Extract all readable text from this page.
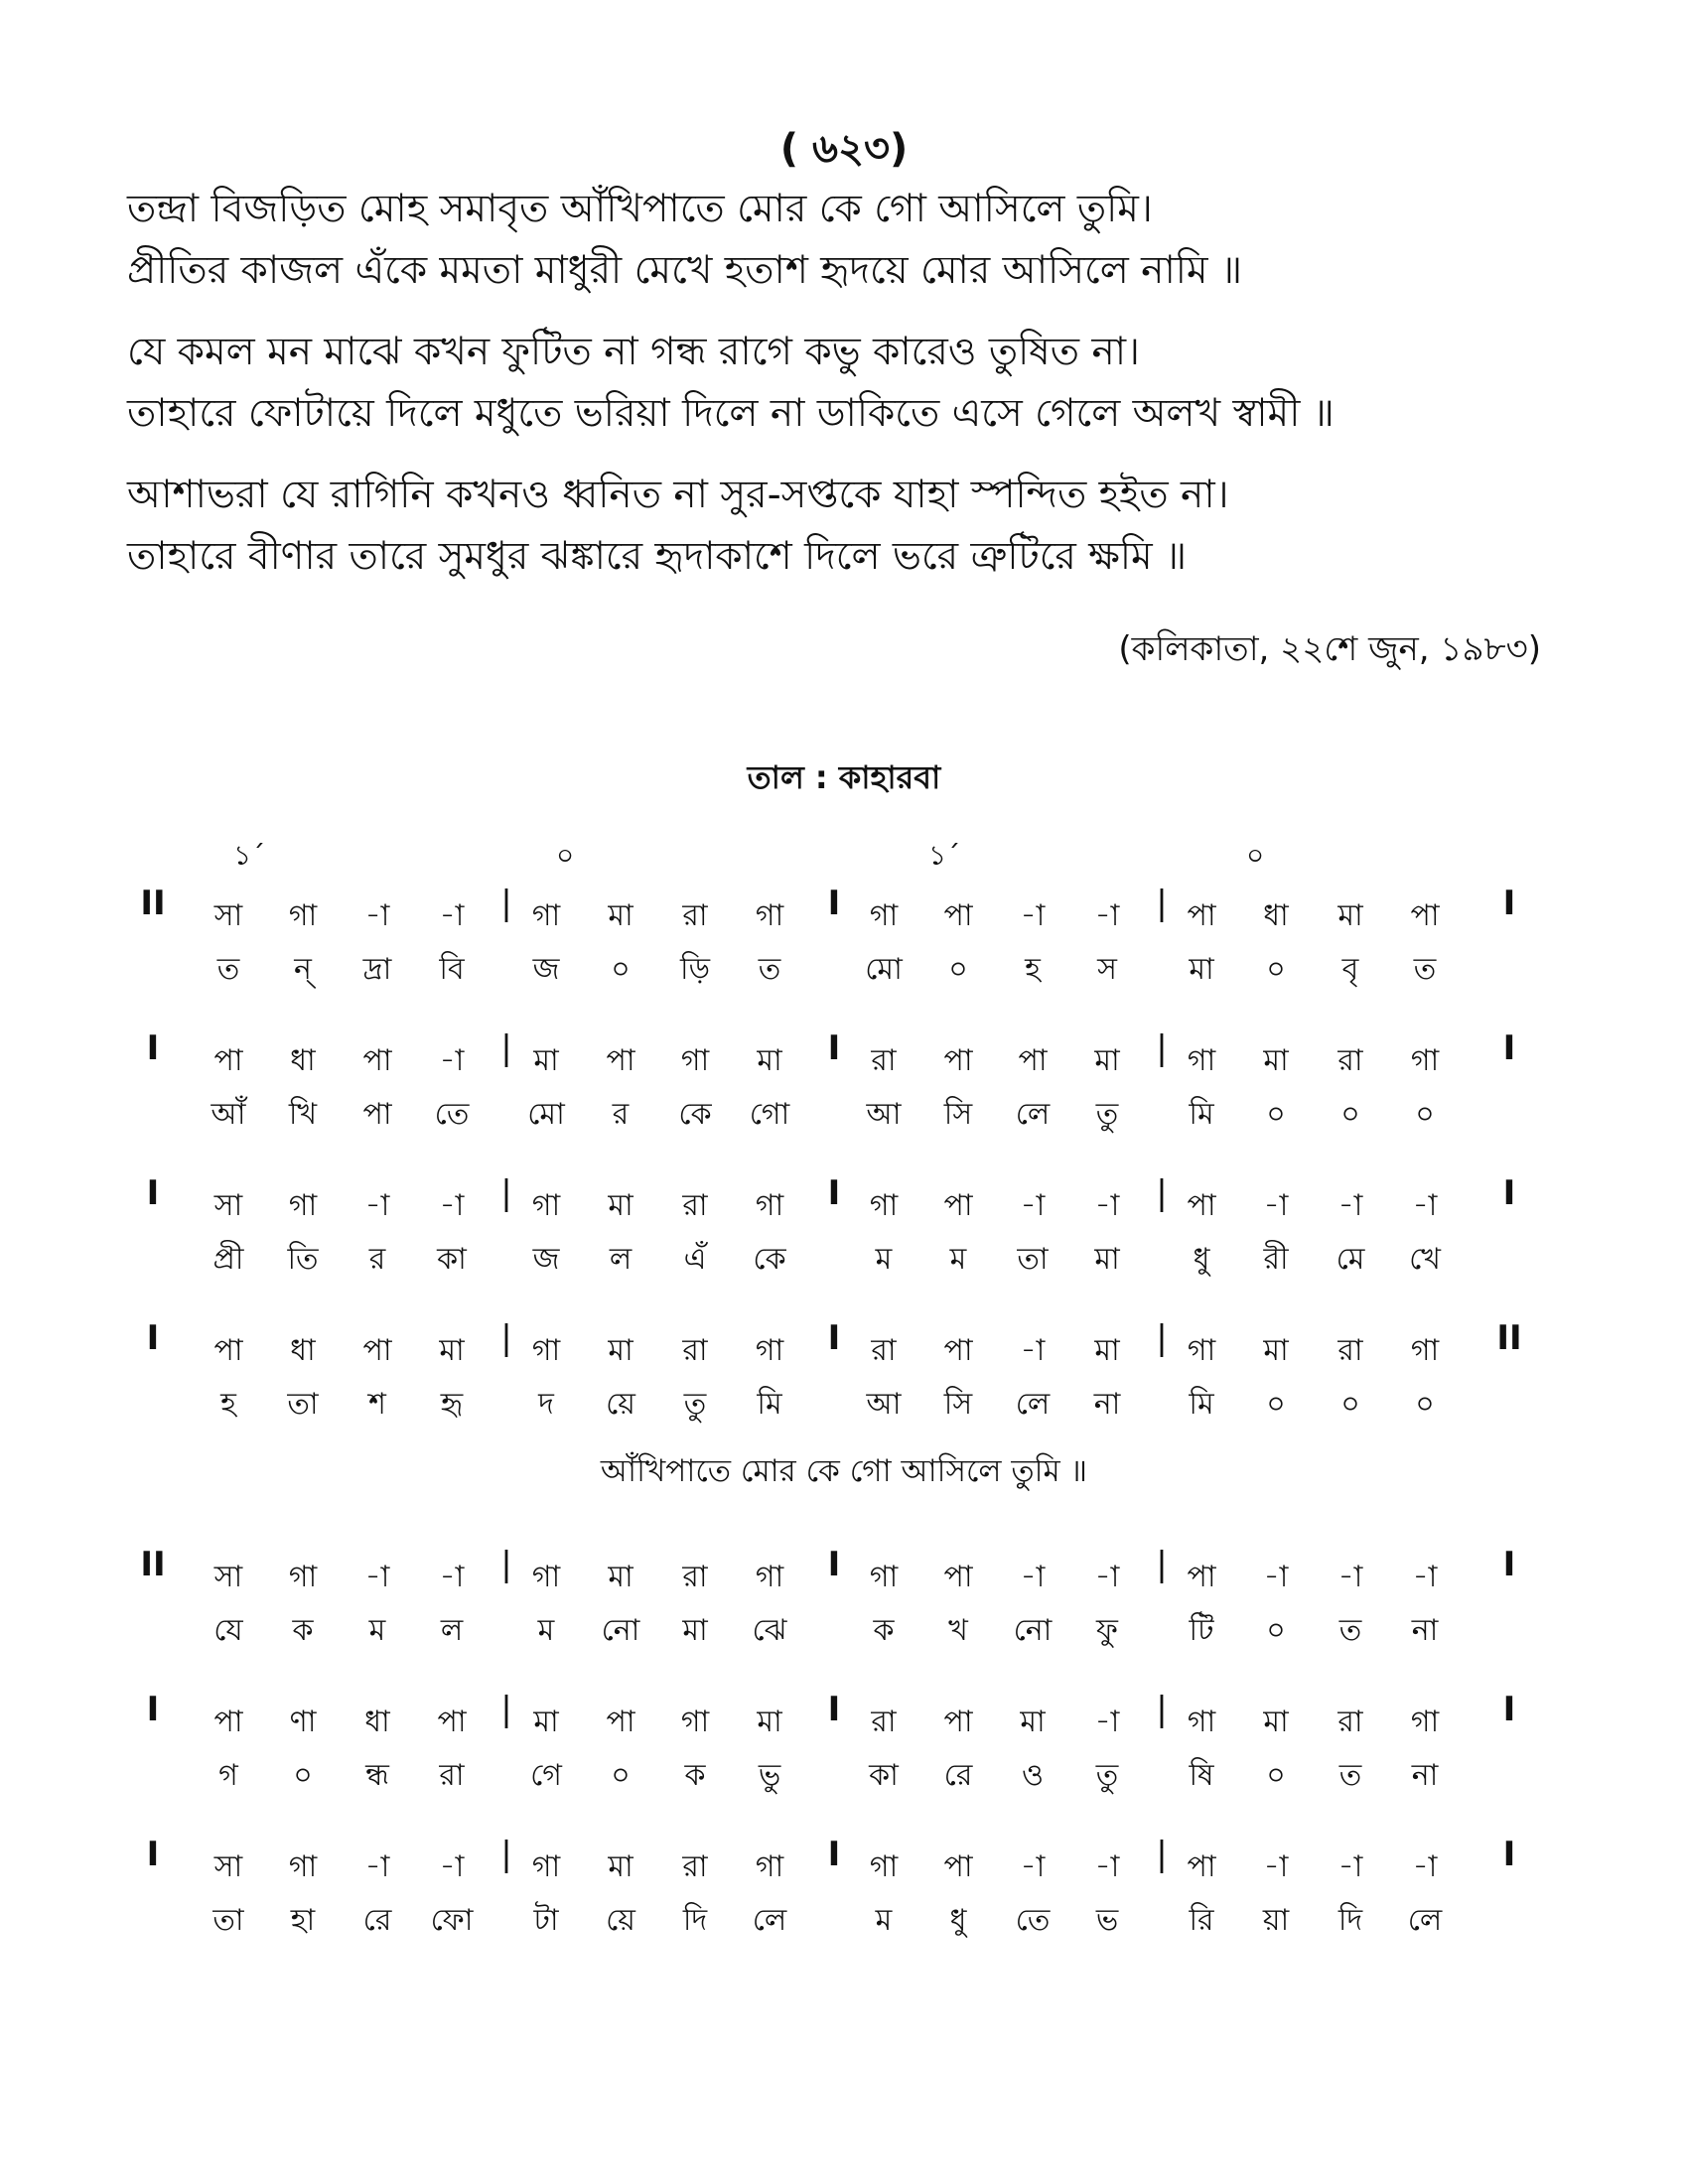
( ৬২৩)
তন্দ্রা বিজড়িত মোহ সমাবৃত আঁখিপাতে মোর কে গো আসিলে তুমি।
প্রীতির কাজল এঁকে মমতা মাধুরী মেখে হতাশ হৃদয়ে মোর আসিলে নামি ॥
যে কমল মন মাঝে কখন ফুটিত না গন্ধ রাগে কভু কারেও তুষিত না।
তাহারে ফোটায়ে দিলে মধুতে ভরিয়া দিলে না ডাকিতে এসে গেলে অলখ স্বামী ॥
আশাভরা যে রাগিনি কখনও ধ্বনিত না সুর-সপ্তকে যাহা স্পন্দিত হইত না।
তাহারে বীণার তারে সুমধুর ঝঙ্কারে হৃদাকাশে দিলে ভরে ত্রুটিরে ক্ষমি ॥
(কলিকাতা, ২২শে জুন, ১৯৮৩)
তাল : কাহারবা
১´	০	১´	০
II	I
|	I	|
সা	গা	-া	-া	গা	মা	রা	গা	গা	পা	-া	-া	পা	ধা	মা	পা
ত	ন্	দ্রা	বি	জ	০	ড়ি	ত	মো	০	হ	স	মা	০	বৃ	ত
I	I
|	I	|
পা	ধা	পা	-া	মা	পা	গা	মা	রা	পা	পা	মা	গা	মা	রা	গা
আঁ	খি	পা	তে	মো	র	কে	গো	আ	সি	লে	তু	মি	০	০	০
I	I
|	I	|
সা	গা	-া	-া	গা	মা	রা	গা	গা	পা	-া	-া	পা	-া	-া	-া
প্রী	তি	র	কা	জ	ল	এঁ	কে	ম	ম	তা	মা	ধু	রী	মে	খে
I	II
|	I	|
পা	ধা	পা	মা	গা	মা	রা	গা	রা	পা	-া	মা	গা	মা	রা	গা
হ	তা	শ	হৃ	দ	য়ে	তু	মি	আ	সি	লে	না	মি	০	০	০
II	I
|	I	|
সা	গা	-া	-া	গা	মা	রা	গা	গা	পা	-া	-া	পা	-া	-া	-া
যে	ক	ম	ল	ম	নো	মা	ঝে	ক	খ	নো	ফু	টি	০	ত	না
I	I
|	I	|
পা	ণা	ধা	পা	মা	পা	গা	মা	রা	পা	মা	-া	গা	মা	রা	গা
গ	০	ন্ধ	রা	গে	০	ক	ভু	কা	রে	ও	তু	ষি	০	ত	না
I	I
|	I	|
সা	গা	-া	-া	গা	মা	রা	গা	গা	পা	-া	-া	পা	-া	-া	-া
তা	হা	রে	ফো	টা	য়ে	দি	লে	ম	ধু	তে	ভ	রি	য়া	দি	লে
আঁখিপাতে মোর কে গো আসিলে তুমি ॥
